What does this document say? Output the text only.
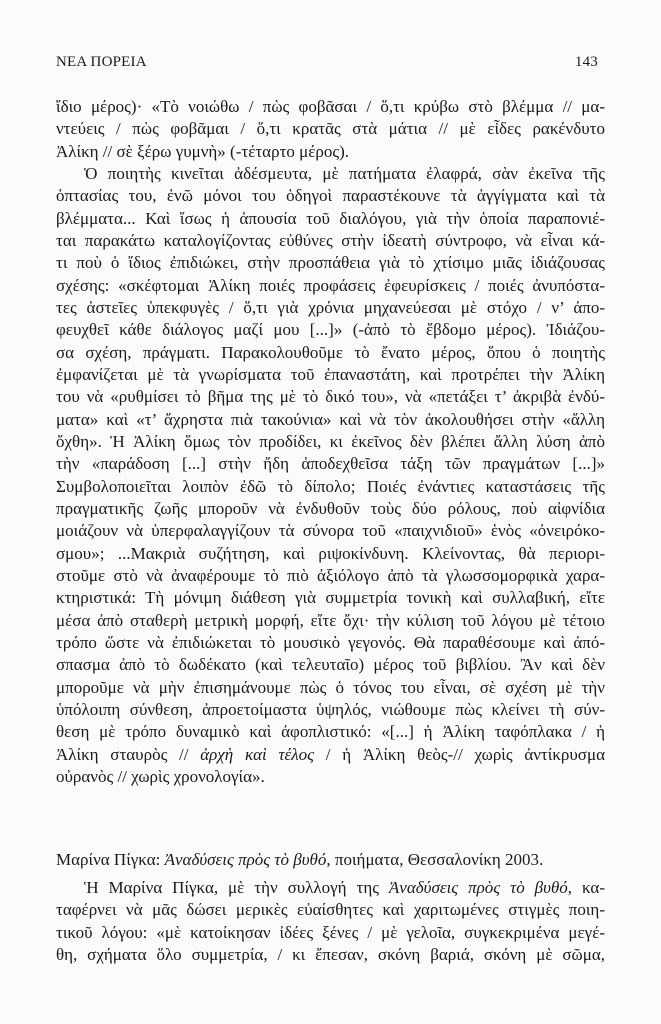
ΝΕΑ ΠΟΡΕΙΑ	143
ἴδιο μέρος)· «Τὸ νοιώθω / πὼς φοβᾶσαι / ὅ,τι κρύβω στὸ βλέμμα // μα-
ντεύεις / πὼς φοβᾶμαι / ὅ,τι κρατᾶς στὰ μάτια // μὲ εἶδες ρακένδυτο
Ἀλίκη // σὲ ξέρω γυμνὴ» (-τέταρτο μέρος).
Ὁ ποιητὴς κινεῖται ἀδέσμευτα, μὲ πατήματα ἐλαφρά, σὰν ἐκεῖνα τῆς
ὀπτασίας του, ἐνῶ μόνοι του ὁδηγοὶ παραστέκουνε τὰ ἀγγίγματα καὶ τὰ
βλέμματα... Καὶ ἴσως ἡ ἀπουσία τοῦ διαλόγου, γιὰ τὴν ὁποία παραπονιέ-
ται παρακάτω καταλογίζοντας εὐθύνες στὴν ἰδεατὴ σύντροφο, νὰ εἶναι κά-
τι ποὺ ὁ ἴδιος ἐπιδιώκει, στὴν προσπάθεια γιὰ τὸ χτίσιμο μιᾶς ἰδιάζουσας
σχέσης: «σκέφτομαι Ἀλίκη ποιές προφάσεις ἐφευρίσκεις / ποιές ἀνυπόστα-
τες ἀστεῖες ὑπεκφυγὲς / ὅ,τι γιὰ χρόνια μηχανεύεσαι μὲ στόχο / ν’ ἀπο-
φευχθεῖ κάθε διάλογος μαζί μου [...]» (-ἀπὸ τὸ ἕβδομο μέρος). Ἰδιάζου-
σα σχέση, πράγματι. Παρακολουθοῦμε τὸ ἔνατο μέρος, ὅπου ὁ ποιητὴς
ἐμφανίζεται μὲ τὰ γνωρίσματα τοῦ ἐπαναστάτη, καὶ προτρέπει τὴν Ἀλίκη
του νὰ «ρυθμίσει τὸ βῆμα της μὲ τὸ δικό του», νὰ «πετάξει τ’ ἀκριβὰ ἐνδύ-
ματα» καὶ «τ’ ἄχρηστα πιὰ τακούνια» καὶ νὰ τὸν ἀκολουθήσει στὴν «ἄλλη
ὄχθη». Ἡ Ἀλίκη ὅμως τὸν προδίδει, κι ἐκεῖνος δὲν βλέπει ἄλλη λύση ἀπὸ
τὴν «παράδοση [...] στὴν ἤδη ἀποδεχθεῖσα τάξη τῶν πραγμάτων [...]»
Συμβολοποιεῖται λοιπὸν ἐδῶ τὸ δίπολο; Ποιές ἐνάντιες καταστάσεις τῆς
πραγματικῆς ζωῆς μποροῦν νὰ ἐνδυθοῦν τοὺς δύο ρόλους, ποὺ αἰφνίδια
μοιάζουν νὰ ὑπερφαλαγγίζουν τὰ σύνορα τοῦ «παιχνιδιοῦ» ἑνὸς «ὀνειρόκο-
σμου»; ...Μακριὰ συζήτηση, καὶ ριψοκίνδυνη. Κλείνοντας, θὰ περιορι-
στοῦμε στὸ νὰ ἀναφέρουμε τὸ πιὸ ἀξιόλογο ἀπὸ τὰ γλωσσομορφικὰ χαρα-
κτηριστικά: Τὴ μόνιμη διάθεση γιὰ συμμετρία τονικὴ καὶ συλλαβική, εἴτε
μέσα ἀπὸ σταθερὴ μετρικὴ μορφή, εἴτε ὄχι· τὴν κύλιση τοῦ λόγου μὲ τέτοιο
τρόπο ὥστε νὰ ἐπιδιώκεται τὸ μουσικὸ γεγονός. Θὰ παραθέσουμε καὶ ἀπό-
σπασμα ἀπὸ τὸ δωδέκατο (καὶ τελευταῖο) μέρος τοῦ βιβλίου. Ἂν καὶ δὲν
μποροῦμε νὰ μὴν ἐπισημάνουμε πὼς ὁ τόνος του εἶναι, σὲ σχέση μὲ τὴν
ὑπόλοιπη σύνθεση, ἀπροετοίμαστα ὑψηλός, νιώθουμε πὼς κλείνει τὴ σύν-
θεση μὲ τρόπο δυναμικὸ καὶ ἀφοπλιστικό: «[...] ἡ Ἀλίκη ταφόπλακα / ἡ
Ἀλίκη σταυρὸς // ἀρχὴ καὶ τέλος / ἡ Ἀλίκη θεὸς-// χωρὶς ἀντίκρυσμα
οὐρανὸς // χωρὶς χρονολογία».
Μαρίνα Πίγκα: Ἀναδύσεις πρὸς τὸ βυθό, ποιήματα, Θεσσαλονίκη 2003.
Ἡ Μαρίνα Πίγκα, μὲ τὴν συλλογή της Ἀναδύσεις πρὸς τὸ βυθό, κα-
ταφέρνει νὰ μᾶς δώσει μερικὲς εὐαίσθητες καὶ χαριτωμένες στιγμὲς ποιη-
τικοῦ λόγου: «μὲ κατοίκησαν ἰδέες ξένες / μὲ γελοῖα, συγκεκριμένα μεγέ-
θη, σχήματα ὅλο συμμετρία, / κι ἔπεσαν, σκόνη βαριά, σκόνη μὲ σῶμα,
